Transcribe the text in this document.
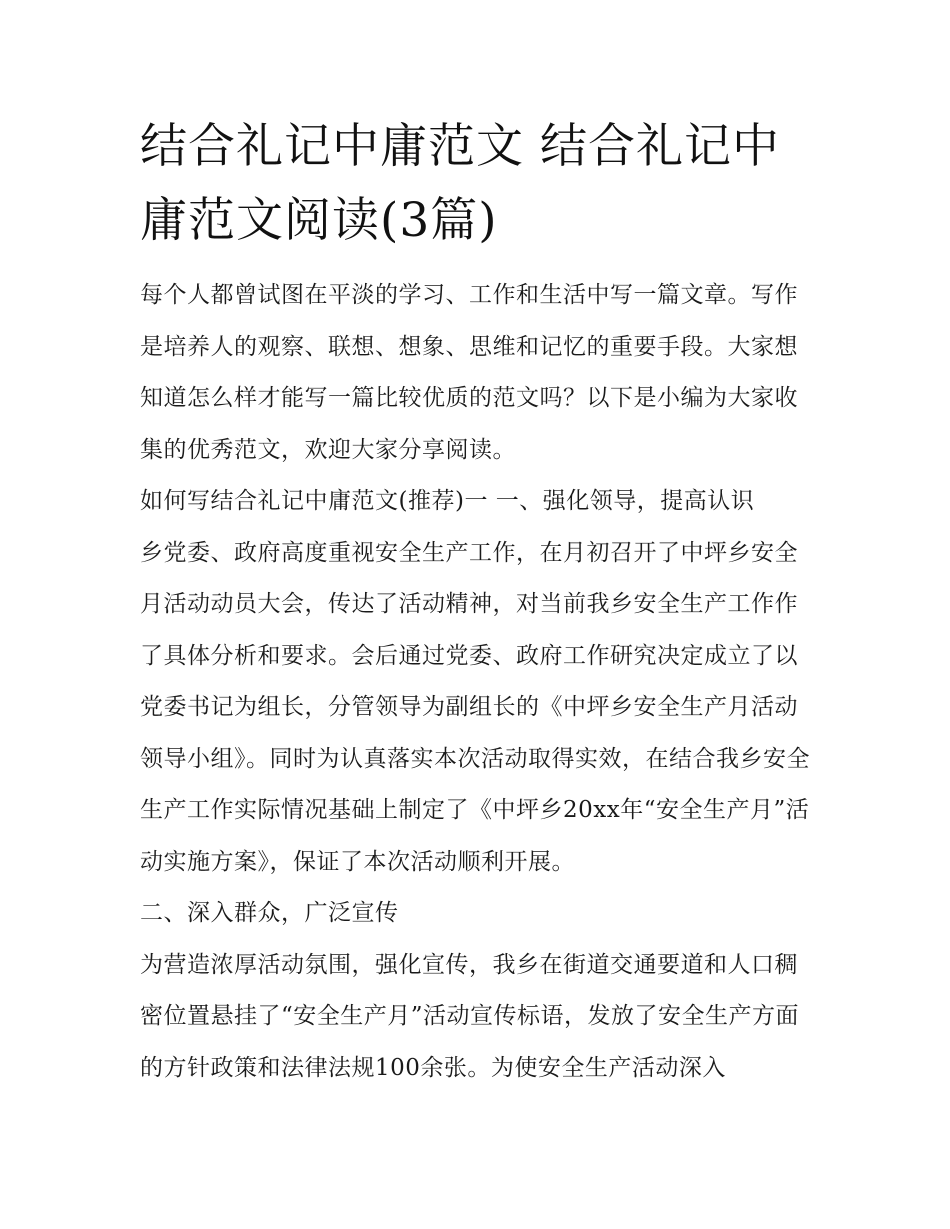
结合礼记中庸范文 结合礼记中庸范文阅读(3篇)

每个人都曾试图在平淡的学习、工作和生活中写一篇文章。写作是培养人的观察、联想、想象、思维和记忆的重要手段。大家想知道怎么样才能写一篇比较优质的范文吗？以下是小编为大家收集的优秀范文，欢迎大家分享阅读。

如何写结合礼记中庸范文(推荐)一 一、强化领导，提高认识

乡党委、政府高度重视安全生产工作，在月初召开了中坪乡安全月活动动员大会，传达了活动精神，对当前我乡安全生产工作作了具体分析和要求。会后通过党委、政府工作研究决定成立了以党委书记为组长，分管领导为副组长的《中坪乡安全生产月活动领导小组》。同时为认真落实本次活动取得实效，在结合我乡安全生产工作实际情况基础上制定了《中坪乡20xx年“安全生产月”活动实施方案》，保证了本次活动顺利开展。

二、深入群众，广泛宣传

为营造浓厚活动氛围，强化宣传，我乡在街道交通要道和人口稠密位置悬挂了“安全生产月”活动宣传标语，发放了安全生产方面的方针政策和法律法规100余张。为使安全生产活动深入
